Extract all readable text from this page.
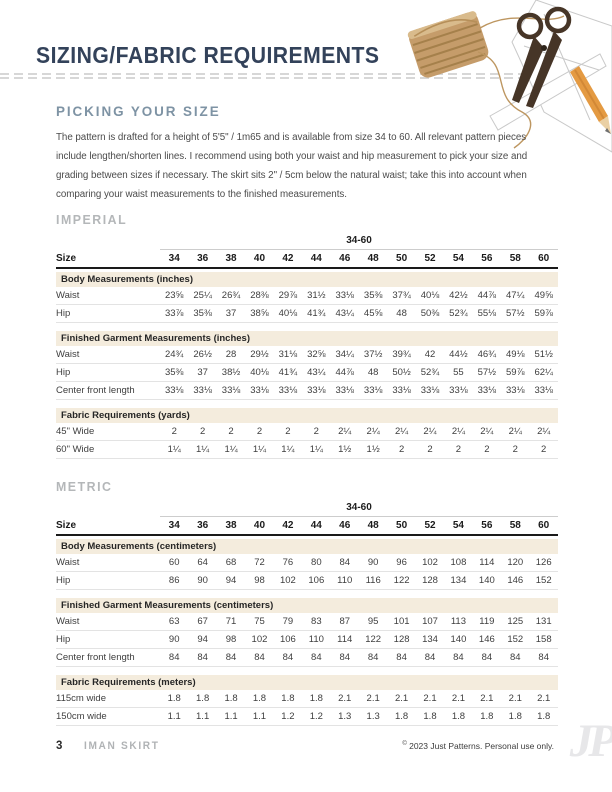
SIZING/FABRIC REQUIREMENTS
PICKING YOUR SIZE

The pattern is drafted for a height of 5'5" / 1m65 and is available from size 34 to 60. All relevant pattern pieces include lengthen/shorten lines. I recommend using both your waist and hip measurement to pick your size and grading between sizes if necessary. The skirt sits 2" / 5cm below the natural waist; take this into account when comparing your waist measurements to the finished measurements.

IMPERIAL
34-60
Size	34	36	38	40	42	44	46	48	50	52	54	56	58	60
Body Measurements (inches)
Waist	23⅝	25¼	26¾	28⅜	29⅞	31½	33⅛	35⅜	37¾	40⅛	42½	44⅞	47¼	49⅝
Hip	33⅞	35⅜	37	38⅝	40⅛	41¾	43¼	45⅝	48	50⅜	52¾	55⅛	57½	59⅞
Finished Garment Measurements (inches)
Waist	24¾	26½	28	29½	31⅛	32⅝	34¼	37½	39¾	42	44½	46¾	49⅛	51½
Hip	35⅜	37	38½	40⅛	41¾	43¼	44⅞	48	50½	52¾	55	57½	59⅞	62¼
Center front length	33⅛	33⅛	33⅛	33⅛	33⅛	33⅛	33⅛	33⅛	33⅛	33⅛	33⅛	33⅛	33⅛	33⅛
Fabric Requirements (yards)
45" Wide	2	2	2	2	2	2	2¼	2¼	2¼	2¼	2¼	2¼	2¼	2¼
60" Wide	1¼	1¼	1¼	1¼	1¼	1¼	1½	1½	2	2	2	2	2	2
METRIC
34-60
Size	34	36	38	40	42	44	46	48	50	52	54	56	58	60
Body Measurements (centimeters)
Waist	60	64	68	72	76	80	84	90	96	102	108	114	120	126
Hip	86	90	94	98	102	106	110	116	122	128	134	140	146	152
Finished Garment Measurements (centimeters)
Waist	63	67	71	75	79	83	87	95	101	107	113	119	125	131
Hip	90	94	98	102	106	110	114	122	128	134	140	146	152	158
Center front length	84	84	84	84	84	84	84	84	84	84	84	84	84	84
Fabric Requirements (meters)
115cm wide	1.8	1.8	1.8	1.8	1.8	1.8	2.1	2.1	2.1	2.1	2.1	2.1	2.1	2.1
150cm wide	1.1	1.1	1.1	1.1	1.2	1.2	1.3	1.3	1.8	1.8	1.8	1.8	1.8	1.8
3 IMAN SKIRT	© 2023 Just Patterns. Personal use only. JP
